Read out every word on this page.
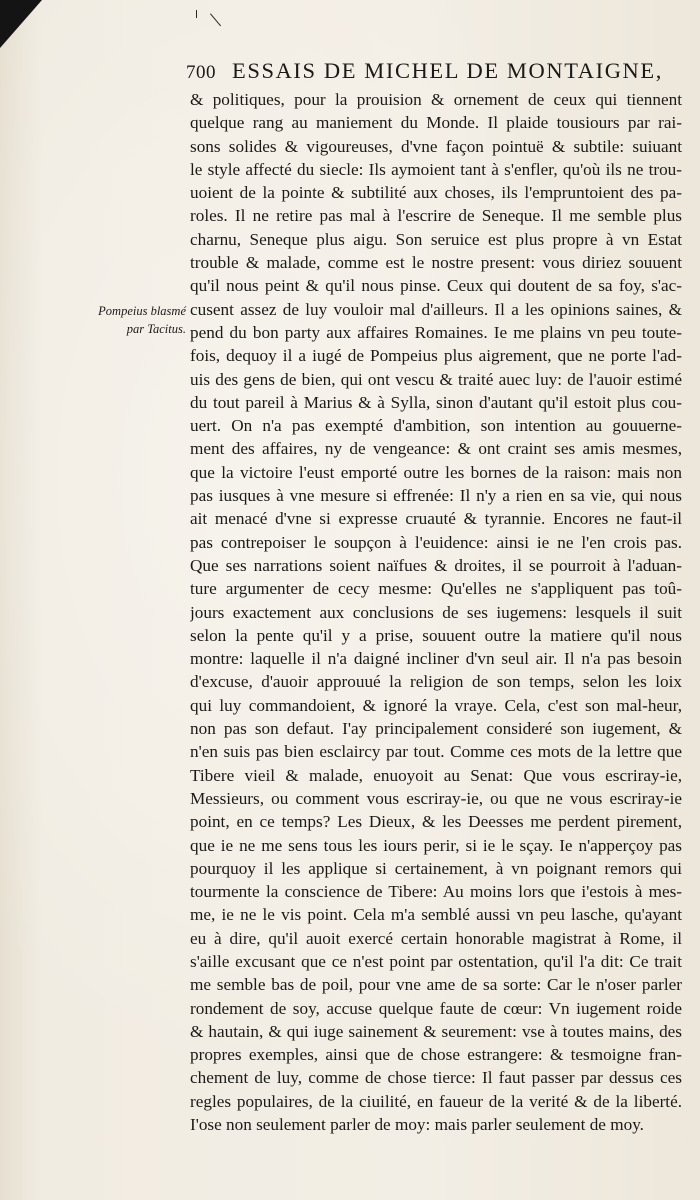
700 ESSAIS DE MICHEL DE MONTAIGNE,
Pompeius blasmé
par Tacitus.
& politiques, pour la prouision & ornement de ceux qui tiennent
quelque rang au maniement du Monde. Il plaide tousiours par rai-
sons solides & vigoureuses, d'vne façon pointuë & subtile: suiuant
le style affecté du siecle: Ils aymoient tant à s'enfler, qu'où ils ne trou-
uoient de la pointe & subtilité aux choses, ils l'empruntoient des pa-
roles. Il ne retire pas mal à l'escrire de Seneque. Il me semble plus
charnu, Seneque plus aigu. Son seruice est plus propre à vn Estat
trouble & malade, comme est le nostre present: vous diriez souuent
qu'il nous peint & qu'il nous pinse. Ceux qui doutent de sa foy, s'ac-
cusent assez de luy vouloir mal d'ailleurs. Il a les opinions saines, &
pend du bon party aux affaires Romaines. Ie me plains vn peu toute-
fois, dequoy il a iugé de Pompeius plus aigrement, que ne porte l'ad-
uis des gens de bien, qui ont vescu & traité auec luy: de l'auoir estimé
du tout pareil à Marius & à Sylla, sinon d'autant qu'il estoit plus cou-
uert. On n'a pas exempté d'ambition, son intention au gouuerne-
ment des affaires, ny de vengeance: & ont craint ses amis mesmes,
que la victoire l'eust emporté outre les bornes de la raison: mais non
pas iusques à vne mesure si effrenée: Il n'y a rien en sa vie, qui nous
ait menacé d'vne si expresse cruauté & tyrannie. Encores ne faut-il
pas contrepoiser le soupçon à l'euidence: ainsi ie ne l'en crois pas.
Que ses narrations soient naïfues & droites, il se pourroit à l'aduan-
ture argumenter de cecy mesme: Qu'elles ne s'appliquent pas toû-
jours exactement aux conclusions de ses iugemens: lesquels il suit
selon la pente qu'il y a prise, souuent outre la matiere qu'il nous
montre: laquelle il n'a daigné incliner d'vn seul air. Il n'a pas besoin
d'excuse, d'auoir approuué la religion de son temps, selon les loix
qui luy commandoient, & ignoré la vraye. Cela, c'est son mal-heur,
non pas son defaut. I'ay principalement consideré son iugement, &
n'en suis pas bien esclaircy par tout. Comme ces mots de la lettre que
Tibere vieil & malade, enuoyoit au Senat: Que vous escriray-ie,
Messieurs, ou comment vous escriray-ie, ou que ne vous escriray-ie
point, en ce temps? Les Dieux, & les Deesses me perdent pirement,
que ie ne me sens tous les iours perir, si ie le sçay. Ie n'apperçoy pas
pourquoy il les applique si certainement, à vn poignant remors qui
tourmente la conscience de Tibere: Au moins lors que i'estois à mes-
me, ie ne le vis point. Cela m'a semblé aussi vn peu lasche, qu'ayant
eu à dire, qu'il auoit exercé certain honorable magistrat à Rome, il
s'aille excusant que ce n'est point par ostentation, qu'il l'a dit: Ce trait
me semble bas de poil, pour vne ame de sa sorte: Car le n'oser parler
rondement de soy, accuse quelque faute de cœur: Vn iugement roide
& hautain, & qui iuge sainement & seurement: vse à toutes mains, des
propres exemples, ainsi que de chose estrangere: & tesmoigne fran-
chement de luy, comme de chose tierce: Il faut passer par dessus ces
regles populaires, de la ciuilité, en faueur de la verité & de la liberté.
I'ose non seulement parler de moy: mais parler seulement de moy.
